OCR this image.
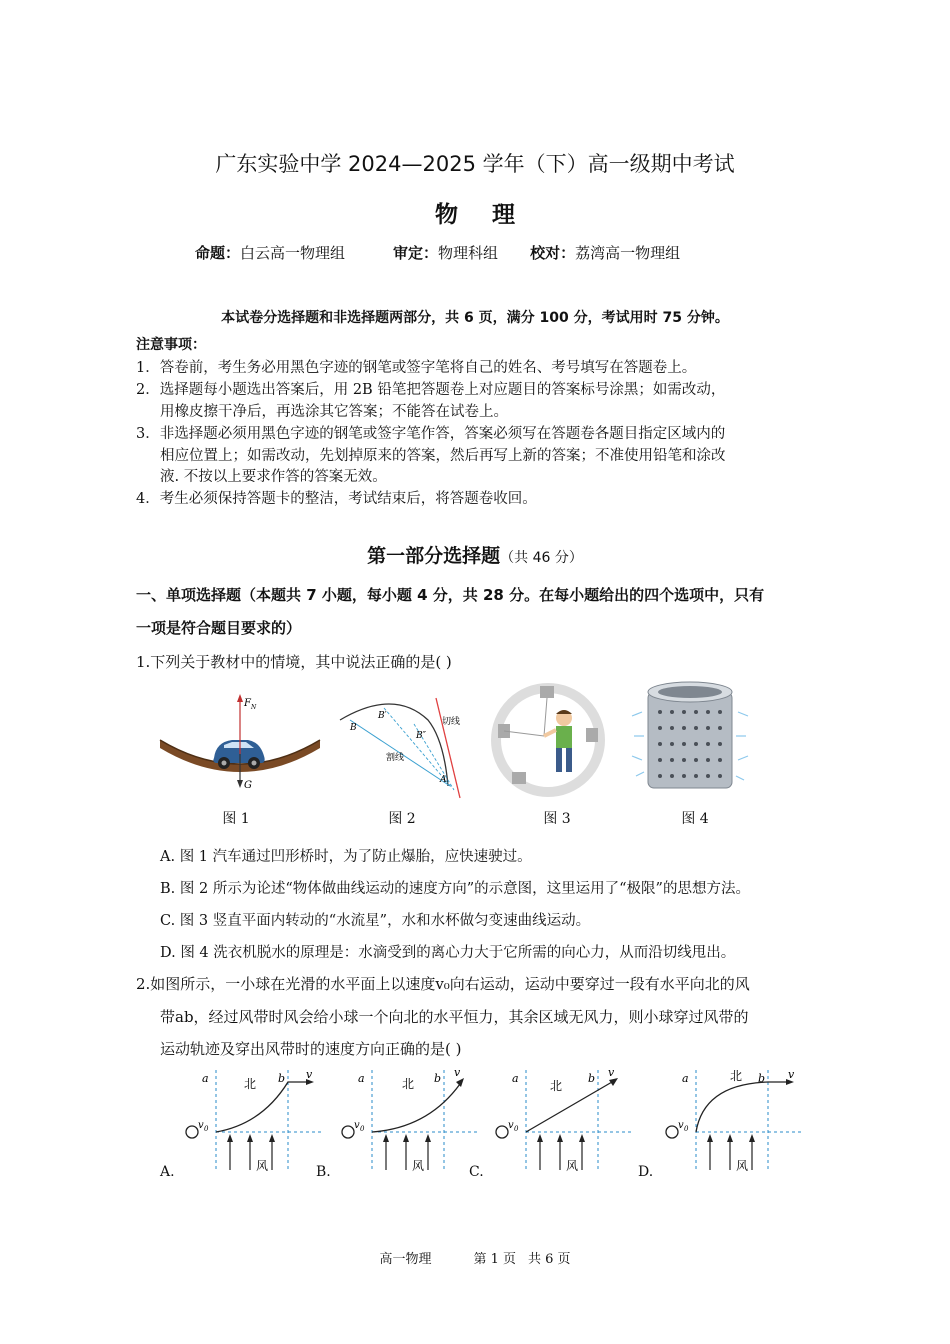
广东实验中学 2024—2025 学年（下）高一级期中考试
物理
命题：白云高一物理组	审定：物理科组 校对：荔湾高一物理组
本试卷分选择题和非选择题两部分，共 6 页，满分 100 分，考试用时 75 分钟。
注意事项：
1．答卷前，考生务必用黑色字迹的钢笔或签字笔将自己的姓名、考号填写在答题卷上。
2．选择题每小题选出答案后，用 2B 铅笔把答题卷上对应题目的答案标号涂黑；如需改动，
用橡皮擦干净后，再选涂其它答案；不能答在试卷上。
3．非选择题必须用黑色字迹的钢笔或签字笔作答，答案必须写在答题卷各题目指定区域内的
相应位置上；如需改动，先划掉原来的答案，然后再写上新的答案；不准使用铅笔和涂改
液. 不按以上要求作答的答案无效。
4．考生必须保持答题卡的整洁，考试结束后，将答题卷收回。
第一部分选择题（共 46 分）
一、单项选择题（本题共 7 小题，每小题 4 分，共 28 分。在每小题给出的四个选项中，只有
一项是符合题目要求的）
1.下列关于教材中的情境，其中说法正确的是( )
F N
G
B
B′
B″
A
切线
割线
图 1	图 2	图 3	图 4
A. 图 1 汽车通过凹形桥时，为了防止爆胎，应快速驶过。
B. 图 2 所示为论述“物体做曲线运动的速度方向”的示意图，这里运用了“极限”的思想方法。
C. 图 3 竖直平面内转动的“水流星”，水和水杯做匀变速曲线运动。
D. 图 4 洗衣机脱水的原理是：水滴受到的离心力大于它所需的向心力，从而沿切线甩出。
2.如图所示，一小球在光滑的水平面上以速度v₀向右运动，运动中要穿过一段有水平向北的风
带ab，经过风带时风会给小球一个向北的水平恒力，其余区域无风力，则小球穿过风带的
运动轨迹及穿出风带时的速度方向正确的是( )
a	b
北
风
v
v 0
A.
a	b
北
风
v
v 0
B.
a	b
北
风
v
v 0
C.
a	b
北
风
v
v 0
D.
高一物理	第 1 页 共 6 页
